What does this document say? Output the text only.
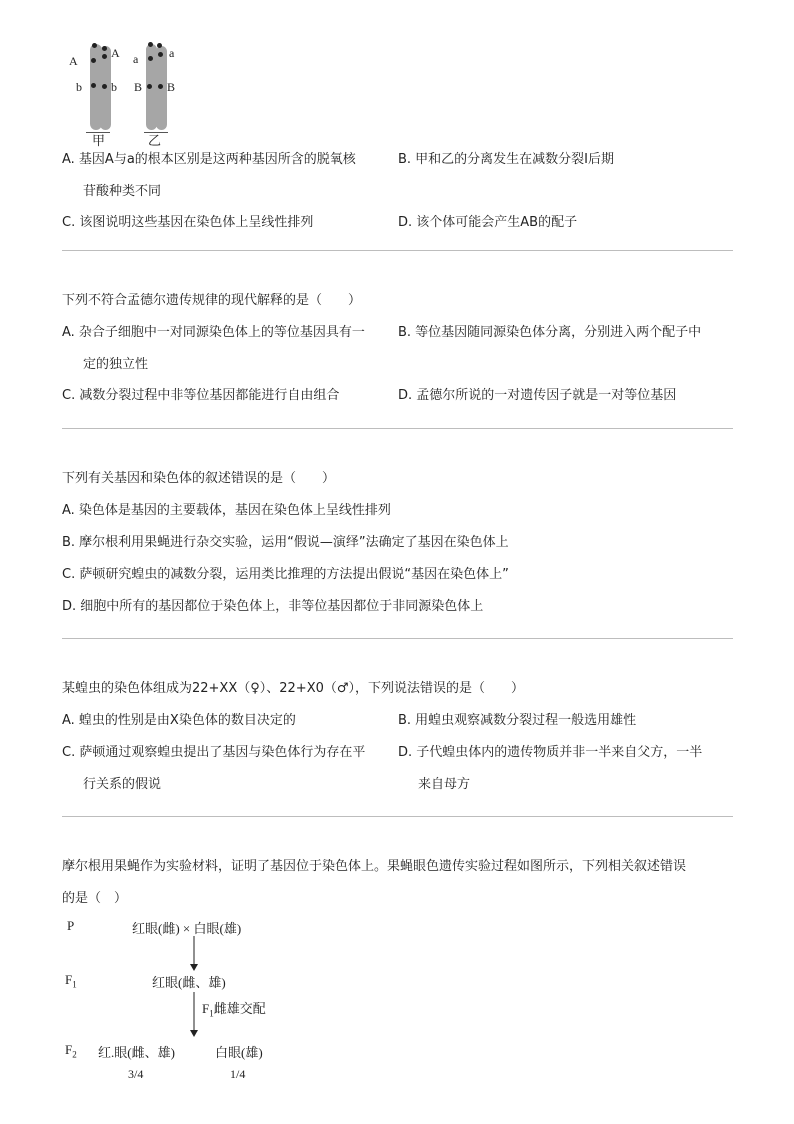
A
b
A
b
a
B
a
B
甲	乙
A. 基因A与a的根本区别是这两种基因所含的脱氧核
苷酸种类不同
B. 甲和乙的分离发生在减数分裂Ⅰ后期
C. 该图说明这些基因在染色体上呈线性排列	D. 该个体可能会产生AB的配子
下列不符合孟德尔遗传规律的现代解释的是（　　）
A. 杂合子细胞中一对同源染色体上的等位基因具有一
定的独立性
B. 等位基因随同源染色体分离，分别进入两个配子中
C. 减数分裂过程中非等位基因都能进行自由组合	D. 孟德尔所说的一对遗传因子就是一对等位基因
下列有关基因和染色体的叙述错误的是（　　）
A. 染色体是基因的主要载体，基因在染色体上呈线性排列
B. 摩尔根利用果蝇进行杂交实验，运用“假说—演绎”法确定了基因在染色体上
C. 萨顿研究蝗虫的减数分裂，运用类比推理的方法提出假说“基因在染色体上”
D. 细胞中所有的基因都位于染色体上，非等位基因都位于非同源染色体上
某蝗虫的染色体组成为22+XX（♀）、22+X0（♂），下列说法错误的是（　　）
A. 蝗虫的性别是由X染色体的数目决定的	B. 用蝗虫观察减数分裂过程一般选用雄性
C. 萨顿通过观察蝗虫提出了基因与染色体行为存在平
行关系的假说
D. 子代蝗虫体内的遗传物质并非一半来自父方，一半
来自母方
摩尔根用果蝇作为实验材料，证明了基因位于染色体上。果蝇眼色遗传实验过程如图所示，下列相关叙述错误
的是（　）
P	红眼(雌) × 白眼(雄)
$F_1$	红眼(雌、雄)
$F_1$雌雄交配
$F_2$ 红.眼(雌、雄)	白眼(雄)
3/4	1/4
